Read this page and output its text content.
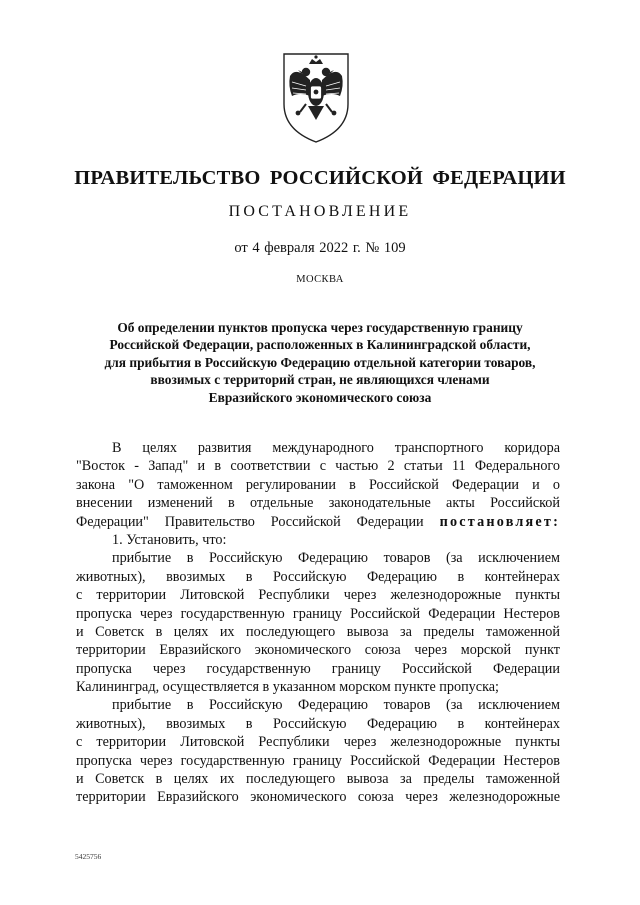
ПРАВИТЕЛЬСТВО РОССИЙСКОЙ ФЕДЕРАЦИИ
ПОСТАНОВЛЕНИЕ
от 4 февраля 2022 г. № 109
МОСКВА
Об определении пунктов пропуска через государственную границу
Российской Федерации, расположенных в Калининградской области,
для прибытия в Российскую Федерацию отдельной категории товаров,
ввозимых с территорий стран, не являющихся членами
Евразийского экономического союза
В целях развития международного транспортного коридора
"Восток - Запад" и в соответствии с частью 2 статьи 11 Федерального
закона "О таможенном регулировании в Российской Федерации и о
внесении изменений в отдельные законодательные акты Российской
Федерации" Правительство Российской Федерации постановляет:
1. Установить, что:
прибытие в Российскую Федерацию товаров (за исключением
животных), ввозимых в Российскую Федерацию в контейнерах
с территории Литовской Республики через железнодорожные пункты
пропуска через государственную границу Российской Федерации Нестеров
и Советск в целях их последующего вывоза за пределы таможенной
территории Евразийского экономического союза через морской пункт
пропуска через государственную границу Российской Федерации
Калининград, осуществляется в указанном морском пункте пропуска;
прибытие в Российскую Федерацию товаров (за исключением
животных), ввозимых в Российскую Федерацию в контейнерах
с территории Литовской Республики через железнодорожные пункты
пропуска через государственную границу Российской Федерации Нестеров
и Советск в целях их последующего вывоза за пределы таможенной
территории Евразийского экономического союза через железнодорожные
5425756
